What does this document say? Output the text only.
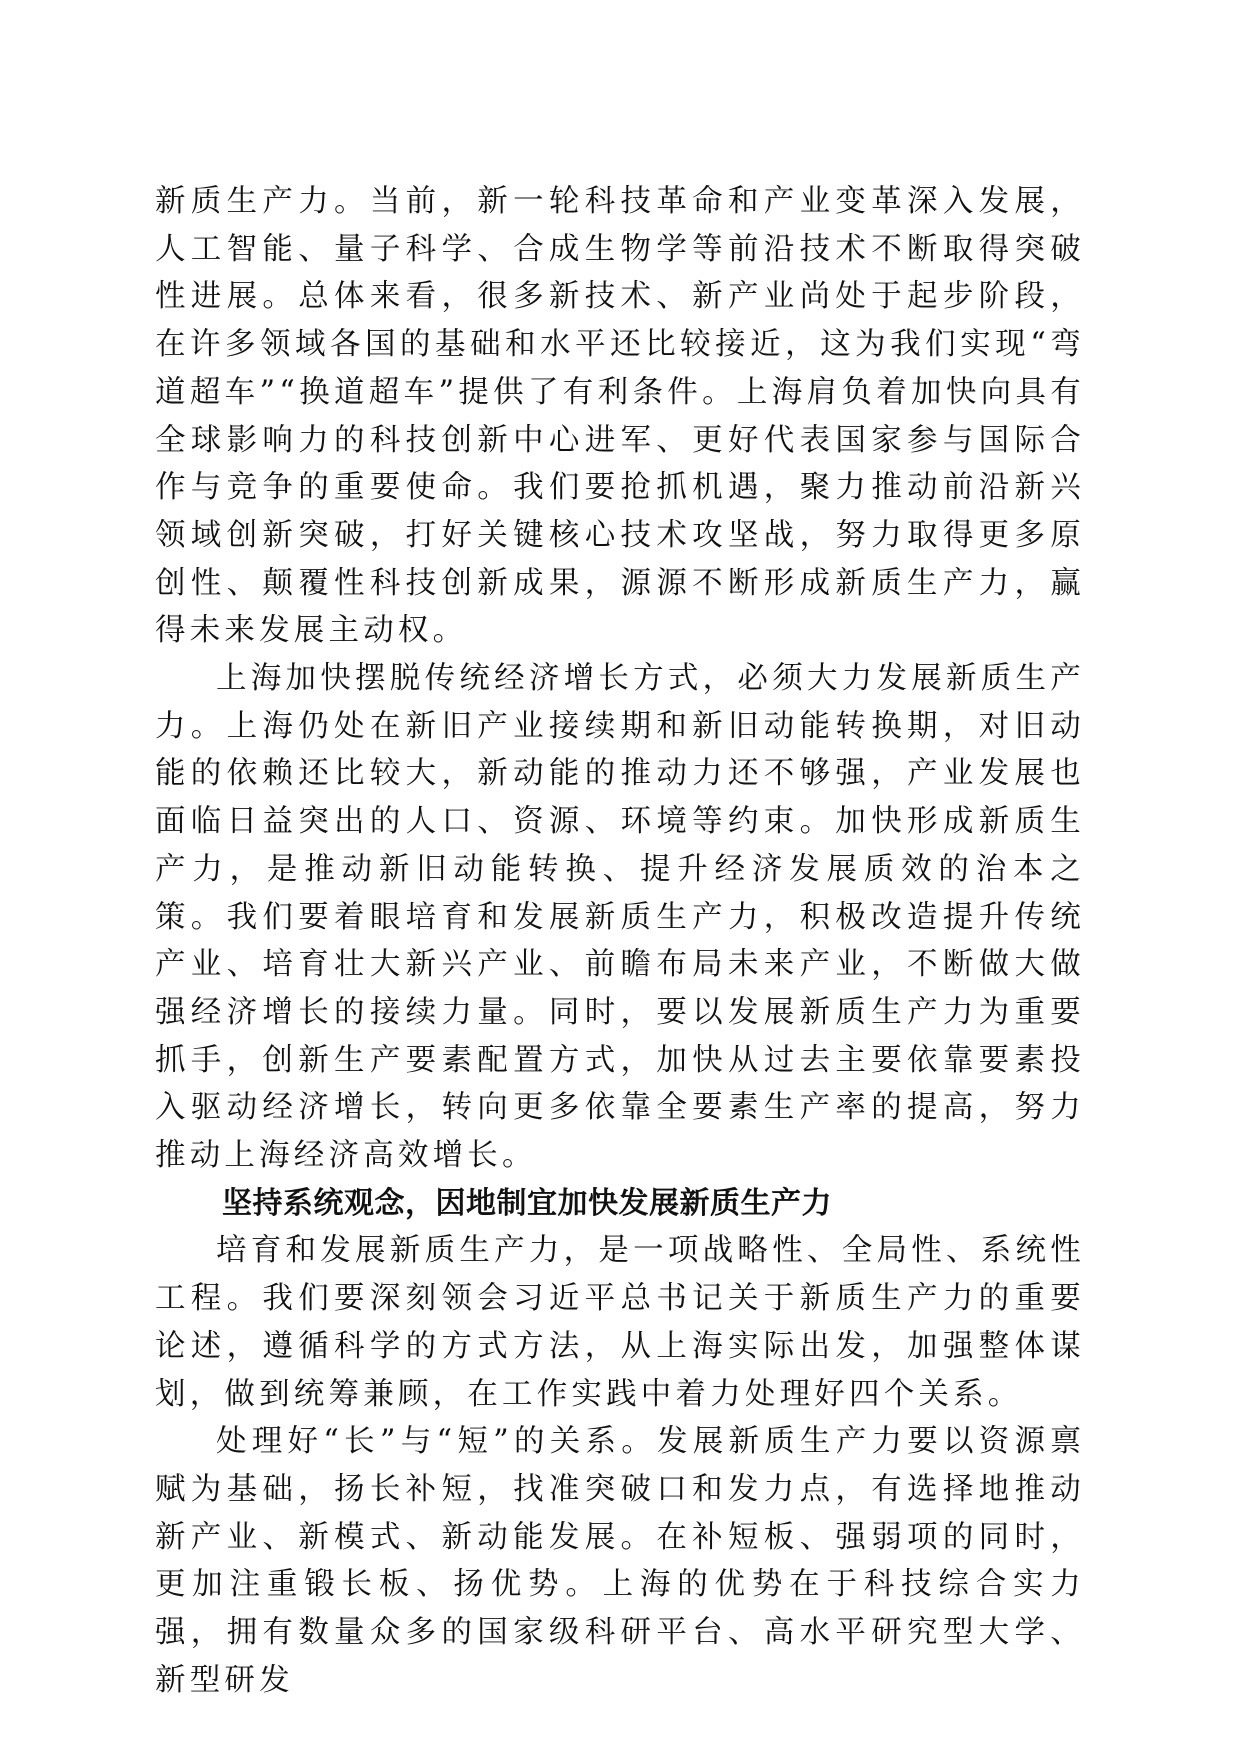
新质生产力。当前，新一轮科技革命和产业变革深入发展，人工智能、量子科学、合成生物学等前沿技术不断取得突破性进展。总体来看，很多新技术、新产业尚处于起步阶段，在许多领域各国的基础和水平还比较接近，这为我们实现“弯道超车”“换道超车”提供了有利条件。上海肩负着加快向具有全球影响力的科技创新中心进军、更好代表国家参与国际合作与竞争的重要使命。我们要抢抓机遇，聚力推动前沿新兴领域创新突破，打好关键核心技术攻坚战，努力取得更多原创性、颠覆性科技创新成果，源源不断形成新质生产力，赢得未来发展主动权。

上海加快摆脱传统经济增长方式，必须大力发展新质生产力。上海仍处在新旧产业接续期和新旧动能转换期，对旧动能的依赖还比较大，新动能的推动力还不够强，产业发展也面临日益突出的人口、资源、环境等约束。加快形成新质生产力，是推动新旧动能转换、提升经济发展质效的治本之策。我们要着眼培育和发展新质生产力，积极改造提升传统产业、培育壮大新兴产业、前瞻布局未来产业，不断做大做强经济增长的接续力量。同时，要以发展新质生产力为重要抓手，创新生产要素配置方式，加快从过去主要依靠要素投入驱动经济增长，转向更多依靠全要素生产率的提高，努力推动上海经济高效增长。

坚持系统观念，因地制宜加快发展新质生产力

培育和发展新质生产力，是一项战略性、全局性、系统性工程。我们要深刻领会习近平总书记关于新质生产力的重要论述，遵循科学的方式方法，从上海实际出发，加强整体谋划，做到统筹兼顾，在工作实践中着力处理好四个关系。

处理好“长”与“短”的关系。发展新质生产力要以资源禀赋为基础，扬长补短，找准突破口和发力点，有选择地推动新产业、新模式、新动能发展。在补短板、强弱项的同时，更加注重锻长板、扬优势。上海的优势在于科技综合实力强，拥有数量众多的国家级科研平台、高水平研究型大学、新型研发
